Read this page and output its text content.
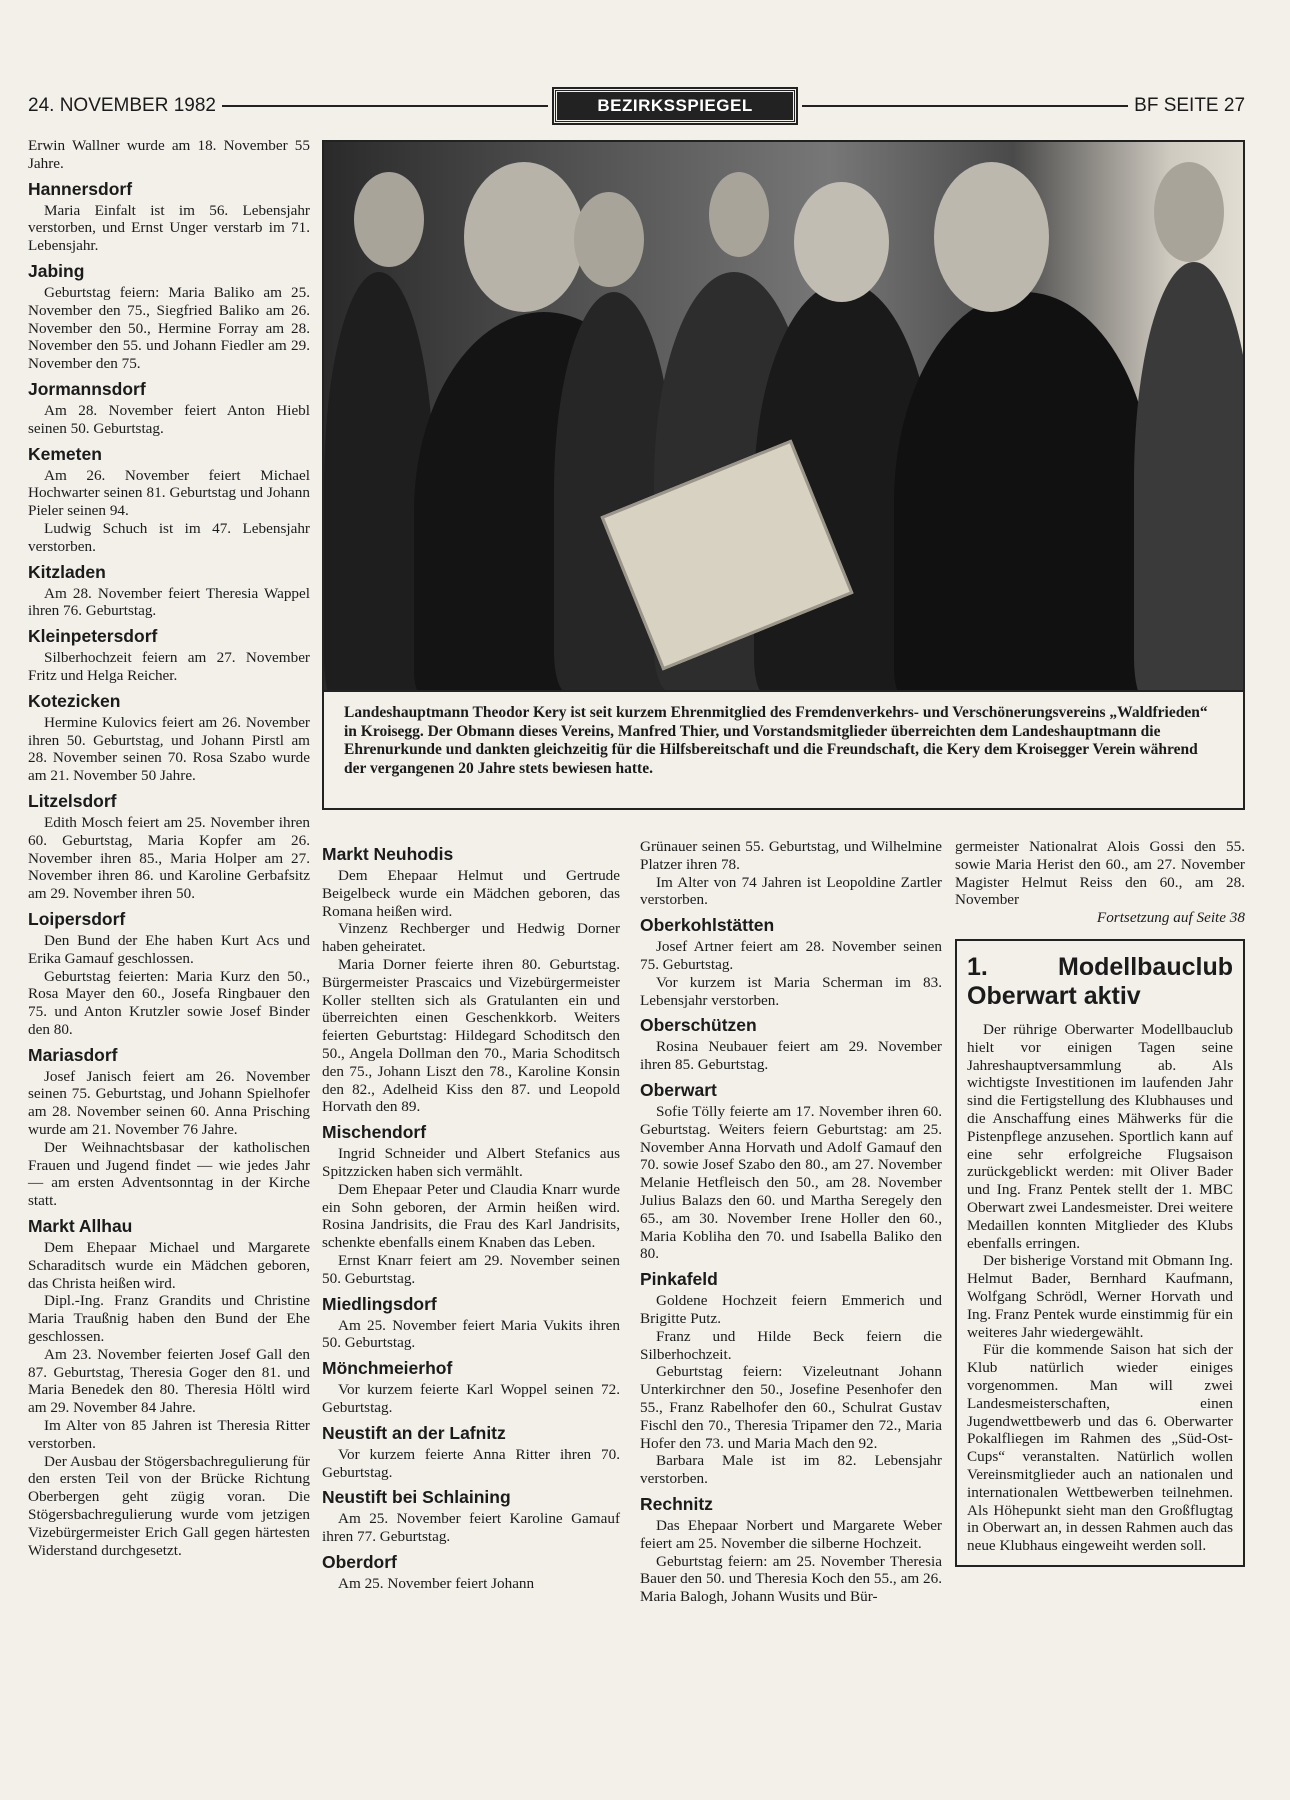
24. NOVEMBER 1982	BEZIRKSSPIEGEL	BF SEITE 27
Landeshauptmann Theodor Kery ist seit kurzem Ehrenmitglied des Fremdenverkehrs- und Verschönerungsvereins „Waldfrieden“ in Kroisegg. Der Obmann dieses Vereins, Manfred Thier, und Vorstandsmitglieder überreichten dem Landeshauptmann die Ehrenurkunde und dankten gleichzeitig für die Hilfsbereitschaft und die Freundschaft, die Kery dem Kroisegger Verein während der vergangenen 20 Jahre stets bewiesen hatte.

Erwin Wallner wurde am 18. November 55 Jahre.

Hannersdorf

Maria Einfalt ist im 56. Lebensjahr verstorben, und Ernst Unger verstarb im 71. Lebensjahr.

Jabing

Geburtstag feiern: Maria Baliko am 25. November den 75., Siegfried Baliko am 26. November den 50., Hermine Forray am 28. November den 55. und Johann Fiedler am 29. November den 75.

Jormannsdorf

Am 28. November feiert Anton Hiebl seinen 50. Geburtstag.

Kemeten

Am 26. November feiert Michael Hochwarter seinen 81. Geburtstag und Johann Pieler seinen 94.

Ludwig Schuch ist im 47. Lebensjahr verstorben.

Kitzladen

Am 28. November feiert Theresia Wappel ihren 76. Geburtstag.

Kleinpetersdorf

Silberhochzeit feiern am 27. November Fritz und Helga Reicher.

Kotezicken

Hermine Kulovics feiert am 26. November ihren 50. Geburtstag, und Johann Pirstl am 28. November seinen 70. Rosa Szabo wurde am 21. November 50 Jahre.

Litzelsdorf

Edith Mosch feiert am 25. November ihren 60. Geburtstag, Maria Kopfer am 26. November ihren 85., Maria Holper am 27. November ihren 86. und Karoline Gerbafsitz am 29. November ihren 50.

Loipersdorf

Den Bund der Ehe haben Kurt Acs und Erika Gamauf geschlossen.

Geburtstag feierten: Maria Kurz den 50., Rosa Mayer den 60., Josefa Ringbauer den 75. und Anton Krutzler sowie Josef Binder den 80.

Mariasdorf

Josef Janisch feiert am 26. November seinen 75. Geburtstag, und Johann Spielhofer am 28. November seinen 60. Anna Prisching wurde am 21. November 76 Jahre.

Der Weihnachtsbasar der katholischen Frauen und Jugend findet — wie jedes Jahr — am ersten Adventsonntag in der Kirche statt.

Markt Allhau

Dem Ehepaar Michael und Margarete Scharaditsch wurde ein Mädchen geboren, das Christa heißen wird.

Dipl.-Ing. Franz Grandits und Christine Maria Traußnig haben den Bund der Ehe geschlossen.

Am 23. November feierten Josef Gall den 87. Geburtstag, Theresia Goger den 81. und Maria Benedek den 80. Theresia Höltl wird am 29. November 84 Jahre.

Im Alter von 85 Jahren ist Theresia Ritter verstorben.

Der Ausbau der Stögersbachregulierung für den ersten Teil von der Brücke Richtung Oberbergen geht zügig voran. Die Stögersbachregulierung wurde vom jetzigen Vizebürgermeister Erich Gall gegen härtesten Widerstand durchgesetzt.

Markt Neuhodis

Dem Ehepaar Helmut und Gertrude Beigelbeck wurde ein Mädchen geboren, das Romana heißen wird.

Vinzenz Rechberger und Hedwig Dorner haben geheiratet.

Maria Dorner feierte ihren 80. Geburtstag. Bürgermeister Prascaics und Vizebürgermeister Koller stellten sich als Gratulanten ein und überreichten einen Geschenkkorb. Weiters feierten Geburtstag: Hildegard Schoditsch den 50., Angela Dollman den 70., Maria Schoditsch den 75., Johann Liszt den 78., Karoline Konsin den 82., Adelheid Kiss den 87. und Leopold Horvath den 89.

Mischendorf

Ingrid Schneider und Albert Stefanics aus Spitzzicken haben sich vermählt.

Dem Ehepaar Peter und Claudia Knarr wurde ein Sohn geboren, der Armin heißen wird. Rosina Jandrisits, die Frau des Karl Jandrisits, schenkte ebenfalls einem Knaben das Leben.

Ernst Knarr feiert am 29. November seinen 50. Geburtstag.

Miedlingsdorf

Am 25. November feiert Maria Vukits ihren 50. Geburtstag.

Mönchmeierhof

Vor kurzem feierte Karl Woppel seinen 72. Geburtstag.

Neustift an der Lafnitz

Vor kurzem feierte Anna Ritter ihren 70. Geburtstag.

Neustift bei Schlaining

Am 25. November feiert Karoline Gamauf ihren 77. Geburtstag.

Oberdorf

Am 25. November feiert Johann

Grünauer seinen 55. Geburtstag, und Wilhelmine Platzer ihren 78.

Im Alter von 74 Jahren ist Leopoldine Zartler verstorben.

Oberkohlstätten

Josef Artner feiert am 28. November seinen 75. Geburtstag.

Vor kurzem ist Maria Scherman im 83. Lebensjahr verstorben.

Oberschützen

Rosina Neubauer feiert am 29. November ihren 85. Geburtstag.

Oberwart

Sofie Tölly feierte am 17. November ihren 60. Geburtstag. Weiters feiern Geburtstag: am 25. November Anna Horvath und Adolf Gamauf den 70. sowie Josef Szabo den 80., am 27. November Melanie Hetfleisch den 50., am 28. November Julius Balazs den 60. und Martha Seregely den 65., am 30. November Irene Holler den 60., Maria Kobliha den 70. und Isabella Baliko den 80.

Pinkafeld

Goldene Hochzeit feiern Emmerich und Brigitte Putz.

Franz und Hilde Beck feiern die Silberhochzeit.

Geburtstag feiern: Vizeleutnant Johann Unterkirchner den 50., Josefine Pesenhofer den 55., Franz Rabelhofer den 60., Schulrat Gustav Fischl den 70., Theresia Tripamer den 72., Maria Hofer den 73. und Maria Mach den 92.

Barbara Male ist im 82. Lebensjahr verstorben.

Rechnitz

Das Ehepaar Norbert und Margarete Weber feiert am 25. November die silberne Hochzeit.

Geburtstag feiern: am 25. November Theresia Bauer den 50. und Theresia Koch den 55., am 26. Maria Balogh, Johann Wusits und Bür-

germeister Nationalrat Alois Gossi den 55. sowie Maria Herist den 60., am 27. November Magister Helmut Reiss den 60., am 28. November

Fortsetzung auf Seite 38

1. Modellbauclub Oberwart aktiv

Der rührige Oberwarter Modellbauclub hielt vor einigen Tagen seine Jahreshauptversammlung ab. Als wichtigste Investitionen im laufenden Jahr sind die Fertigstellung des Klubhauses und die Anschaffung eines Mähwerks für die Pistenpflege anzusehen. Sportlich kann auf eine sehr erfolgreiche Flugsaison zurückgeblickt werden: mit Oliver Bader und Ing. Franz Pentek stellt der 1. MBC Oberwart zwei Landesmeister. Drei weitere Medaillen konnten Mitglieder des Klubs ebenfalls erringen.

Der bisherige Vorstand mit Obmann Ing. Helmut Bader, Bernhard Kaufmann, Wolfgang Schrödl, Werner Horvath und Ing. Franz Pentek wurde einstimmig für ein weiteres Jahr wiedergewählt.

Für die kommende Saison hat sich der Klub natürlich wieder einiges vorgenommen. Man will zwei Landesmeisterschaften, einen Jugendwettbewerb und das 6. Oberwarter Pokalfliegen im Rahmen des „Süd-Ost-Cups“ veranstalten. Natürlich wollen Vereinsmitglieder auch an nationalen und internationalen Wettbewerben teilnehmen. Als Höhepunkt sieht man den Großflugtag in Oberwart an, in dessen Rahmen auch das neue Klubhaus eingeweiht werden soll.
